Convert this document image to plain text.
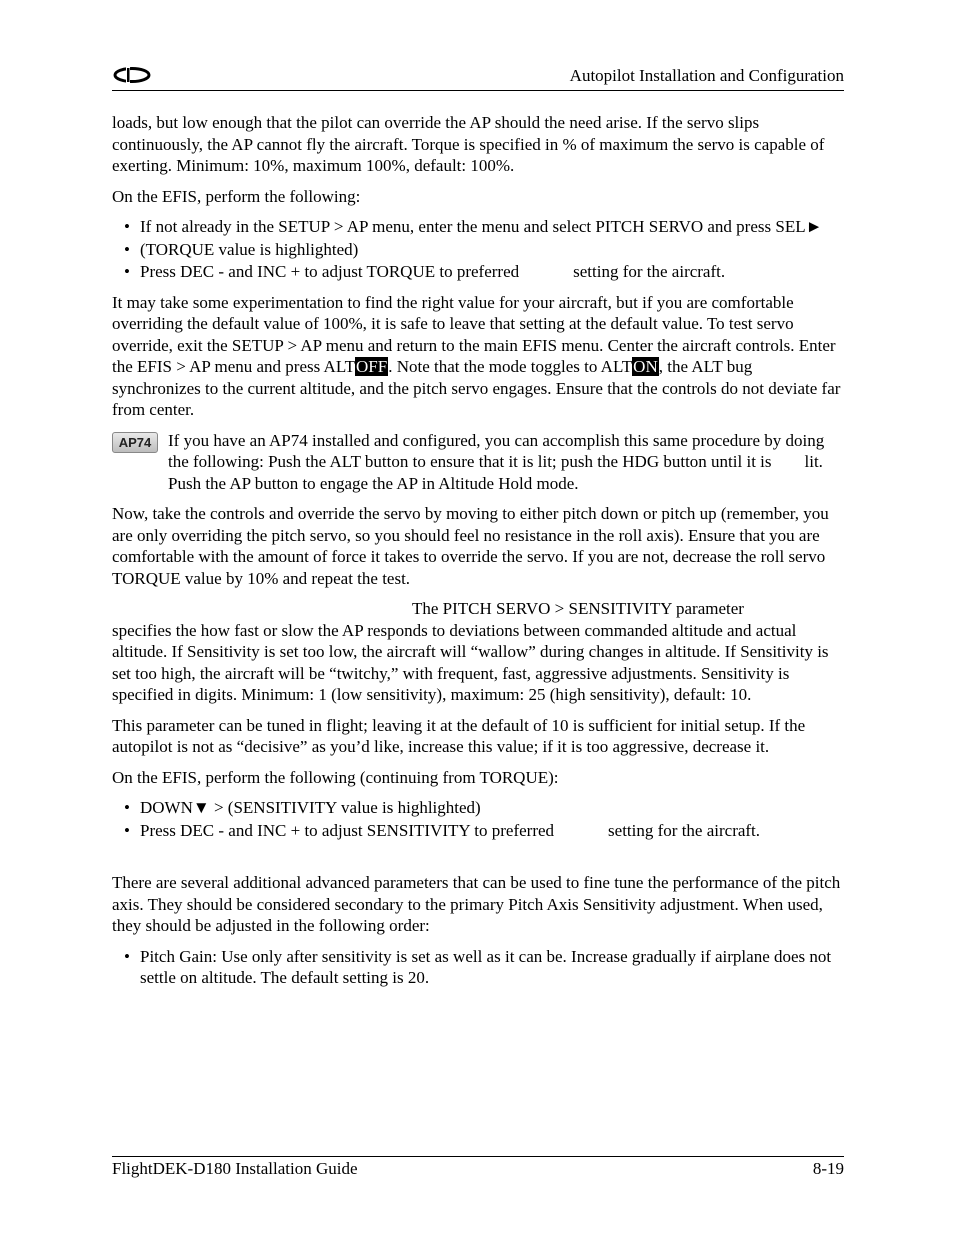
Autopilot Installation and Configuration

loads, but low enough that the pilot can override the AP should the need arise. If the servo slips continuously, the AP cannot fly the aircraft. Torque is specified in % of maximum the servo is capable of exerting. Minimum: 10%, maximum 100%, default: 100%.

On the EFIS, perform the following:

• If not already in the SETUP > AP menu, enter the menu and select PITCH SERVO and press SEL►
• (TORQUE value is highlighted)
• Press DEC - and INC + to adjust TORQUE to preferred	setting for the aircraft.

It may take some experimentation to find the right value for your aircraft, but if you are comfortable overriding the default value of 100%, it is safe to leave that setting at the default value. To test servo override, exit the SETUP > AP menu and return to the main EFIS menu. Center the aircraft controls. Enter the EFIS > AP menu and press ALTOFF. Note that the mode toggles to ALTON, the ALT bug synchronizes to the current altitude, and the pitch servo engages. Ensure that the controls do not deviate far from center.

AP74 If you have an AP74 installed and configured, you can accomplish this same procedure by doing the following: Push the ALT button to ensure that it is lit; push the HDG button until it is lit. Push the AP button to engage the AP in Altitude Hold mode.

Now, take the controls and override the servo by moving to either pitch down or pitch up (remember, you are only overriding the pitch servo, so you should feel no resistance in the roll axis). Ensure that you are comfortable with the amount of force it takes to override the servo. If you are not, decrease the roll servo TORQUE value by 10% and repeat the test.

The PITCH SERVO > SENSITIVITY parameter

specifies the how fast or slow the AP responds to deviations between commanded altitude and actual altitude. If Sensitivity is set too low, the aircraft will “wallow” during changes in altitude. If Sensitivity is set too high, the aircraft will be “twitchy,” with frequent, fast, aggressive adjustments. Sensitivity is specified in digits. Minimum: 1 (low sensitivity), maximum: 25 (high sensitivity), default: 10.

This parameter can be tuned in flight; leaving it at the default of 10 is sufficient for initial setup. If the autopilot is not as “decisive” as you’d like, increase this value; if it is too aggressive, decrease it.

On the EFIS, perform the following (continuing from TORQUE):

• DOWN▼ > (SENSITIVITY value is highlighted)
• Press DEC - and INC + to adjust SENSITIVITY to preferred	setting for the aircraft.

There are several additional advanced parameters that can be used to fine tune the performance of the pitch axis. They should be considered secondary to the primary Pitch Axis Sensitivity adjustment. When used, they should be adjusted in the following order:

• Pitch Gain: Use only after sensitivity is set as well as it can be. Increase gradually if airplane does not settle on altitude. The default setting is 20.
FlightDEK-D180 Installation Guide	8-19
